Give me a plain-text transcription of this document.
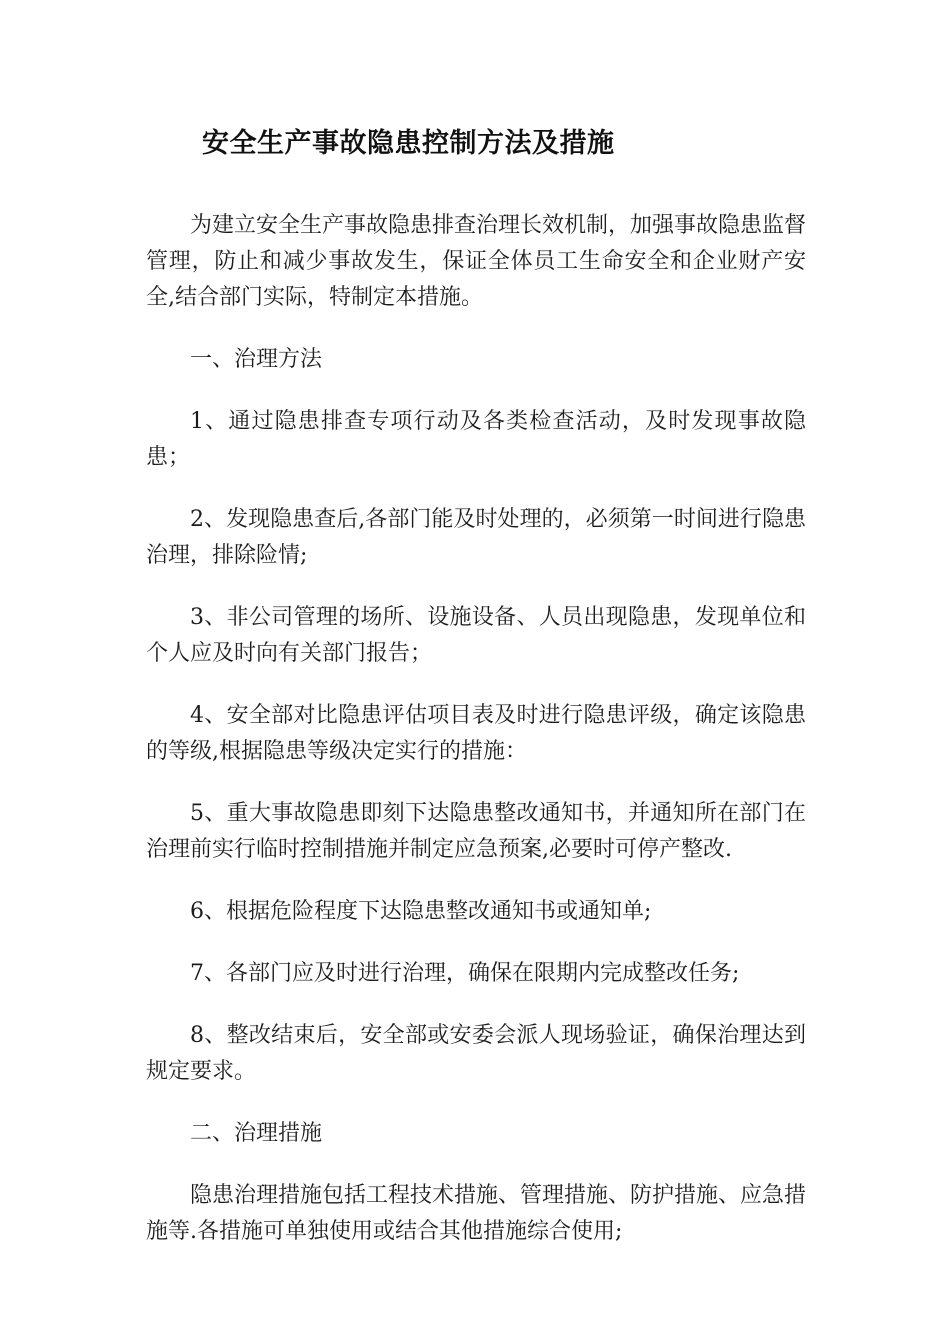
安全生产事故隐患控制方法及措施

为建立安全生产事故隐患排查治理长效机制，加强事故隐患监督管理，防止和减少事故发生，保证全体员工生命安全和企业财产安全,结合部门实际，特制定本措施。

一、治理方法

1、通过隐患排查专项行动及各类检查活动，及时发现事故隐患；

2、发现隐患查后,各部门能及时处理的，必须第一时间进行隐患治理，排除险情;

3、非公司管理的场所、设施设备、人员出现隐患，发现单位和个人应及时向有关部门报告；

4、安全部对比隐患评估项目表及时进行隐患评级，确定该隐患的等级,根据隐患等级决定实行的措施：

5、重大事故隐患即刻下达隐患整改通知书，并通知所在部门在治理前实行临时控制措施并制定应急预案,必要时可停产整改.

6、根据危险程度下达隐患整改通知书或通知单;

7、各部门应及时进行治理，确保在限期内完成整改任务;

8、整改结束后，安全部或安委会派人现场验证，确保治理达到规定要求。

二、治理措施

隐患治理措施包括工程技术措施、管理措施、防护措施、应急措施等.各措施可单独使用或结合其他措施综合使用;
